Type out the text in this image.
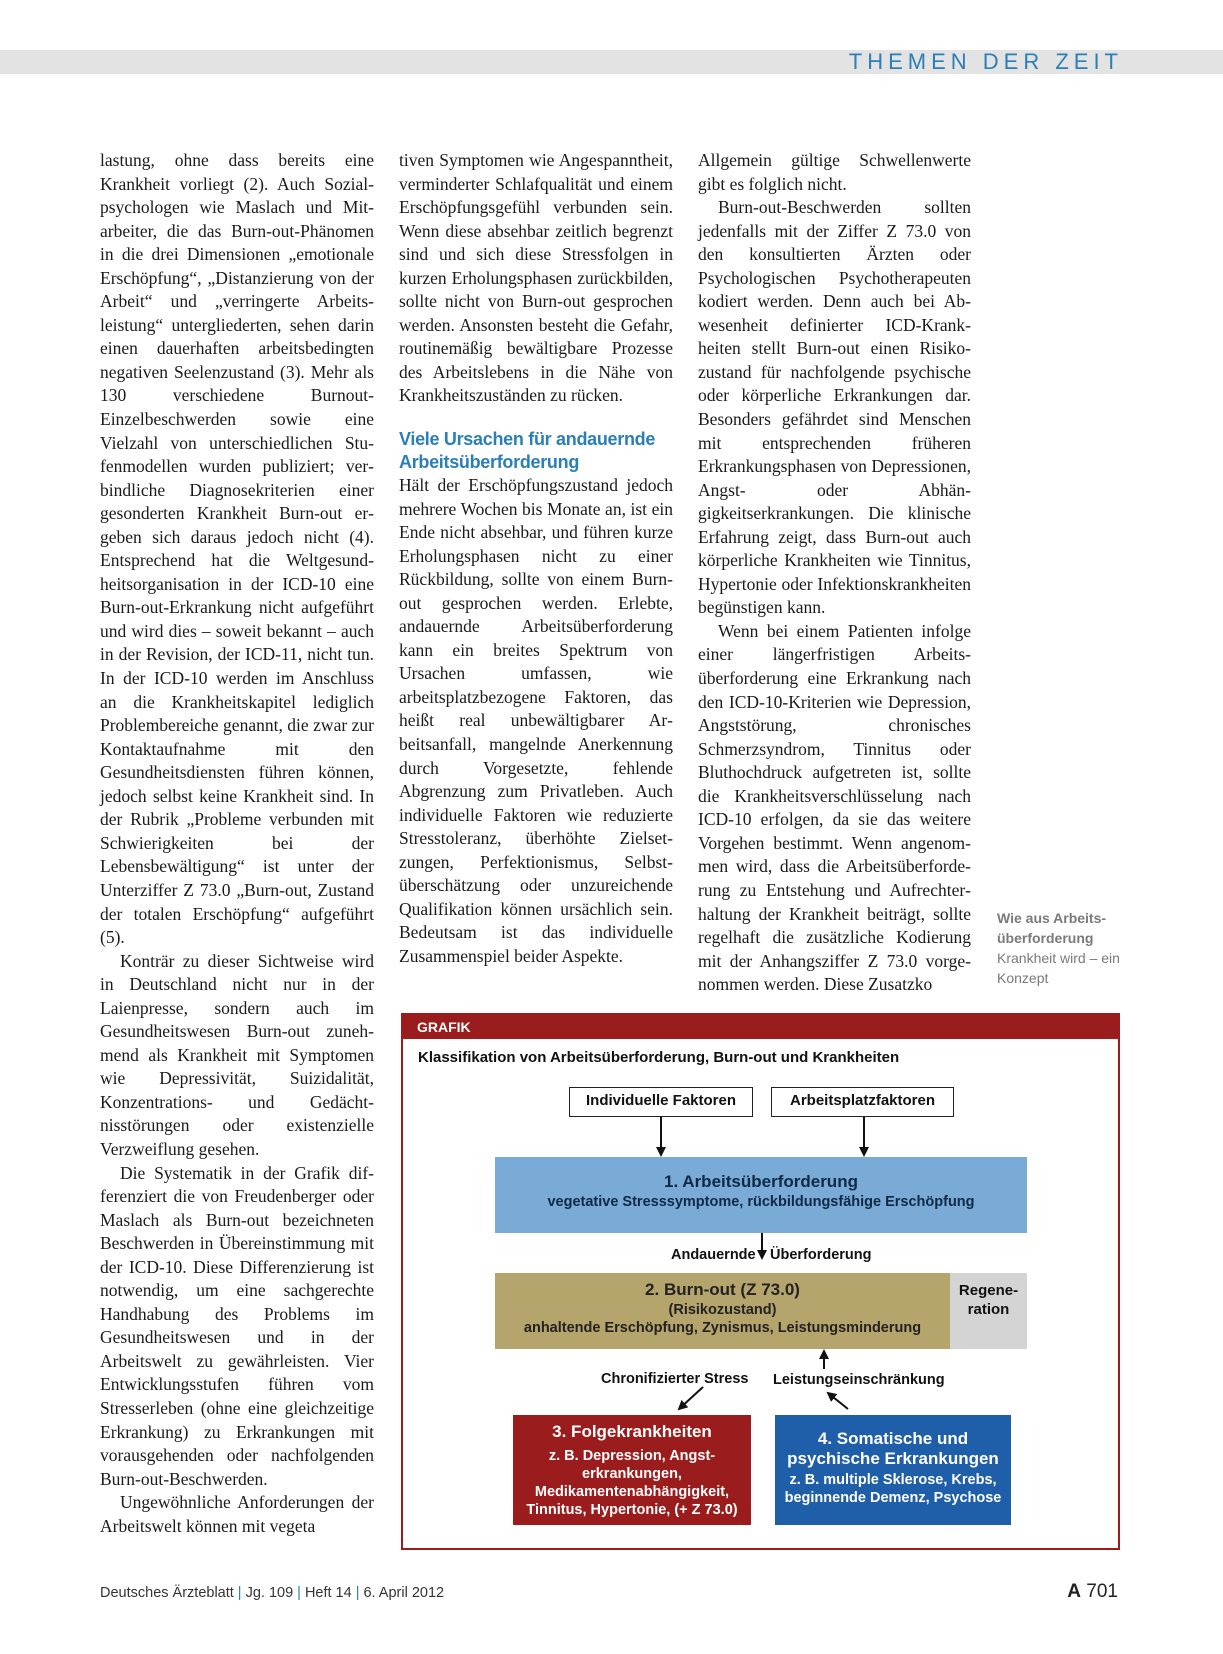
THEMEN DER ZEIT

lastung, ohne dass bereits eine Krankheit vorliegt (2). Auch Sozialpsychologen wie Maslach und Mitarbeiter, die das Burn-out-Phänomen in die drei Dimensionen „emotionale Erschöpfung“, „Distanzierung von der Arbeit“ und „verringerte Arbeitsleistung“ untergliederten, sehen darin einen dauerhaften arbeitsbedingten negativen Seelenzustand (3). Mehr als 130 verschiedene Burnout-Einzelbeschwerden sowie eine Vielzahl von unterschiedlichen Stufenmodellen wurden publiziert; verbindliche Diagnosekriterien einer gesonderten Krankheit Burn-out ergeben sich daraus jedoch nicht (4). Entsprechend hat die Weltgesundheitsorganisation in der ICD-10 eine Burn-out-Erkrankung nicht aufgeführt und wird dies – soweit bekannt – auch in der Revision, der ICD-11, nicht tun. In der ICD-10 werden im Anschluss an die Krankheitskapitel lediglich Problembereiche genannt, die zwar zur Kontaktaufnahme mit den Gesundheitsdiensten führen können, jedoch selbst keine Krankheit sind. In der Rubrik „Probleme verbunden mit Schwierigkeiten bei der Lebensbewältigung“ ist unter der Unterziffer Z 73.0 „Burn-out, Zustand der totalen Erschöpfung“ aufgeführt (5).

Konträr zu dieser Sichtweise wird in Deutschland nicht nur in der Laienpresse, sondern auch im Gesundheitswesen Burn-out zunehmend als Krankheit mit Symptomen wie Depressivität, Suizidalität, Konzentrations- und Gedächtnisstörungen oder existenzielle Verzweiflung gesehen.

Die Systematik in der Grafik differenziert die von Freudenberger oder Maslach als Burn-out bezeichneten Beschwerden in Übereinstimmung mit der ICD-10. Diese Differenzierung ist notwendig, um eine sachgerechte Handhabung des Problems im Gesundheitswesen und in der Arbeitswelt zu gewährleisten. Vier Entwicklungsstufen führen vom Stresserleben (ohne eine gleichzeitige Erkrankung) zu Erkrankungen mit vorausgehenden oder nachfolgenden Burn-out-Beschwerden.

Ungewöhnliche Anforderungen der Arbeitswelt können mit vegeta

tiven Symptomen wie Angespanntheit, verminderter Schlafqualität und einem Erschöpfungsgefühl verbunden sein. Wenn diese absehbar zeitlich begrenzt sind und sich diese Stressfolgen in kurzen Erholungsphasen zurückbilden, sollte nicht von Burn-out gesprochen werden. Ansonsten besteht die Gefahr, routinemäßig bewältigbare Prozesse des Arbeitslebens in die Nähe von Krankheitszuständen zu rücken.

Viele Ursachen für andauernde Arbeitsüberforderung

Hält der Erschöpfungszustand jedoch mehrere Wochen bis Monate an, ist ein Ende nicht absehbar, und führen kurze Erholungsphasen nicht zu einer Rückbildung, sollte von einem Burn-out gesprochen werden. Erlebte, andauernde Arbeitsüberforderung kann ein breites Spektrum von Ursachen umfassen, wie arbeitsplatzbezogene Faktoren, das heißt real unbewältigbarer Arbeitsanfall, mangelnde Anerkennung durch Vorgesetzte, fehlende Abgrenzung zum Privatleben. Auch individuelle Faktoren wie reduzierte Stresstoleranz, überhöhte Zielsetzungen, Perfektionismus, Selbstüberschätzung oder unzureichende Qualifikation können ursächlich sein. Bedeutsam ist das individuelle Zusammenspiel beider Aspekte.

Allgemein gültige Schwellenwerte gibt es folglich nicht.

Burn-out-Beschwerden sollten jedenfalls mit der Ziffer Z 73.0 von den konsultierten Ärzten oder Psychologischen Psychotherapeuten kodiert werden. Denn auch bei Abwesenheit definierter ICD-Krankheiten stellt Burn-out einen Risikozustand für nachfolgende psychische oder körperliche Erkrankungen dar. Besonders gefährdet sind Menschen mit entsprechenden früheren Erkrankungsphasen von Depressionen, Angst- oder Abhängigkeitserkrankungen. Die klinische Erfahrung zeigt, dass Burn-out auch körperliche Krankheiten wie Tinnitus, Hypertonie oder Infektionskrankheiten begünstigen kann.

Wenn bei einem Patienten infolge einer längerfristigen Arbeitsüberforderung eine Erkrankung nach den ICD-10-Kriterien wie Depression, Angststörung, chronisches Schmerzsyndrom, Tinnitus oder Bluthochdruck aufgetreten ist, sollte die Krankheitsverschlüsselung nach ICD-10 erfolgen, da sie das weitere Vorgehen bestimmt. Wenn angenommen wird, dass die Arbeitsüberforderung zu Entstehung und Aufrechterhaltung der Krankheit beiträgt, sollte regelhaft die zusätzliche Kodierung mit der Anhangsziffer Z 73.0 vorgenommen werden. Diese Zusatzko

Wie aus Arbeitsüberforderung
Krankheit wird – ein Konzept
GRAFIK
Klassifikation von Arbeitsüberforderung, Burn-out und Krankheiten
Individuelle Faktoren	Arbeitsplatzfaktoren
1. Arbeitsüberforderung
vegetative Stresssymptome, rückbildungsfähige Erschöpfung
Andauernde Überforderung
2. Burn-out (Z 73.0)
(Risikozustand)
anhaltende Erschöpfung, Zynismus, Leistungsminderung
Regene-ration
Chronifizierter Stress Leistungseinschränkung
3. Folgekrankheiten
z. B. Depression, Angst- erkrankungen, Medikamentenabhängigkeit, Tinnitus, Hypertonie, (+ Z 73.0)
4. Somatische und psychische Erkrankungen
z. B. multiple Sklerose, Krebs, beginnende Demenz, Psychose
Deutsches Ärzteblatt | Jg. 109 | Heft 14 | 6. April 2012	A 701
